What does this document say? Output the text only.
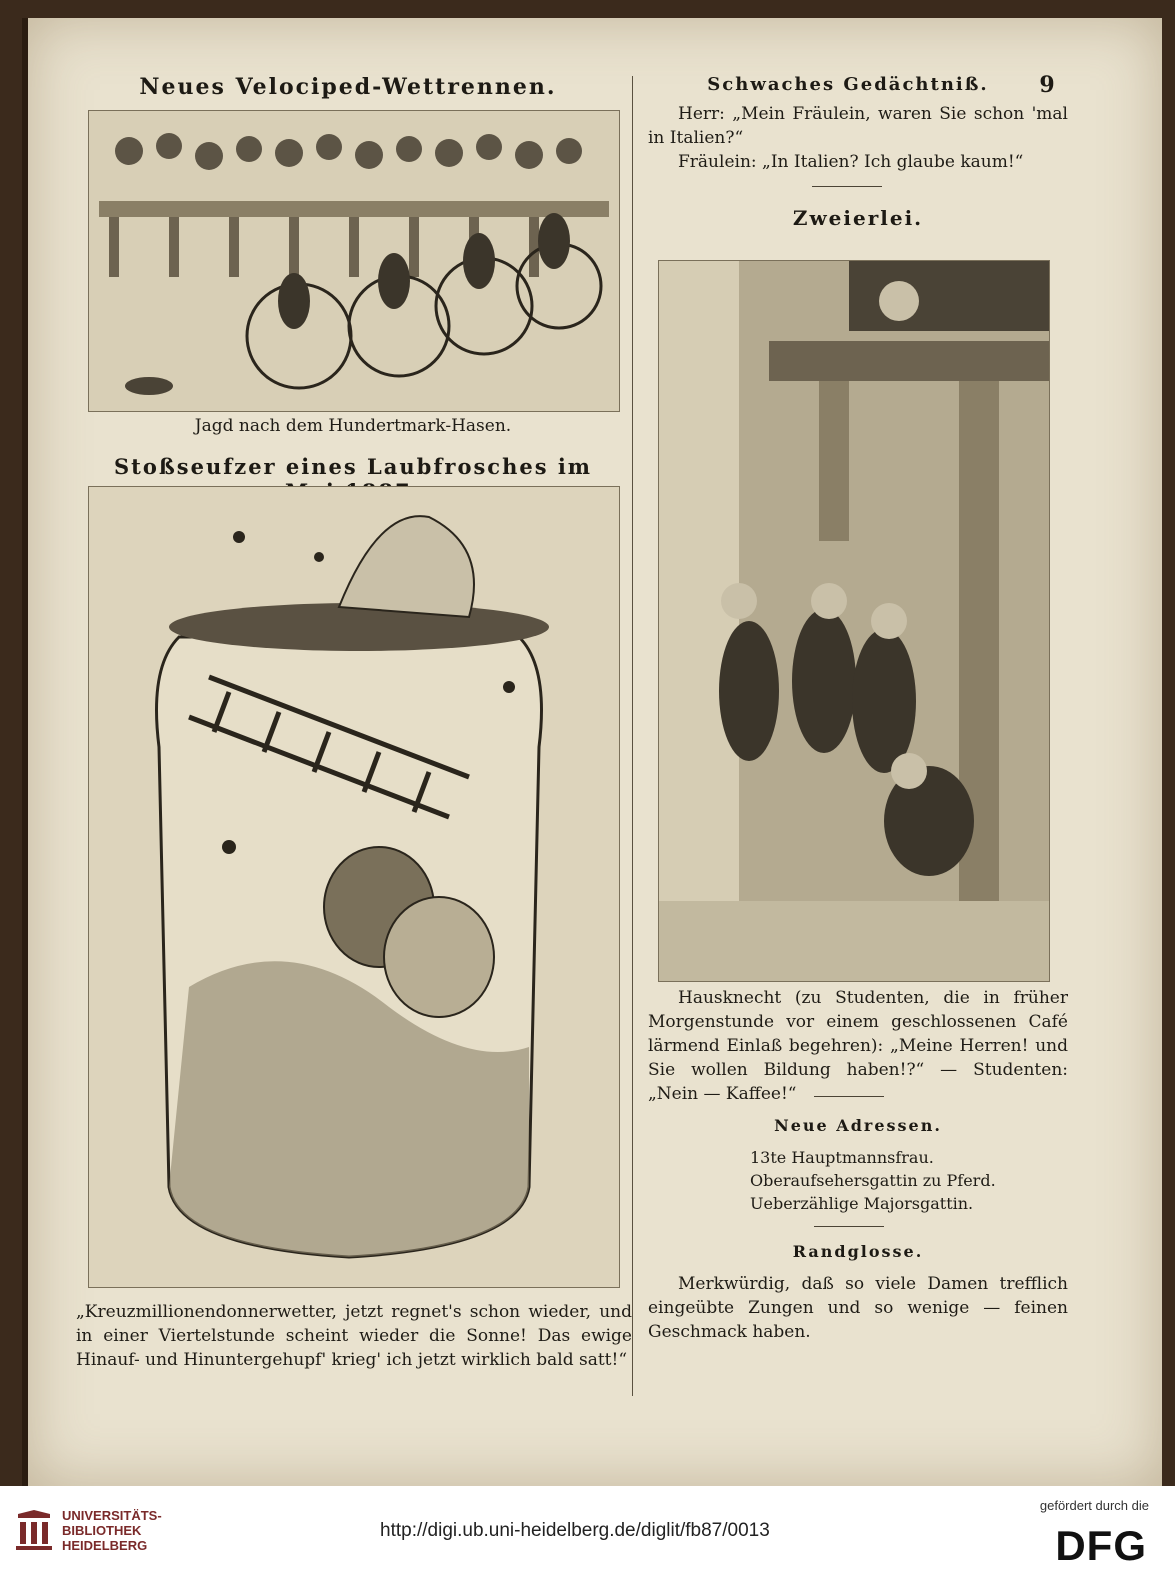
Neues Velociped-Wettrennen.
Jagd nach dem Hundertmark-Hasen.
Stoßseufzer eines Laubfrosches im
„Kreuzmillionendonnerwetter, jetzt regnet's schon wieder, und in einer Viertelstunde scheint wieder die Sonne! Das ewige Hinauf- und Hinuntergehupf' krieg' ich jetzt wirklich bald satt!“
Schwaches Gedächtniß.	9
Herr: „Mein Fräulein, waren Sie schon 'mal in Italien?“
Fräulein: „In Italien? Ich glaube kaum!“
Zweierlei.
Hausknecht (zu Studenten, die in früher Morgenstunde vor einem geschlossenen Café lärmend Einlaß begehren): „Meine Herren! und Sie wollen Bildung haben!?“ — Studenten: „Nein — Kaffee!“
Neue Adressen.
13te Hauptmannsfrau.
Oberaufsehersgattin zu Pferd.
Ueberzählige Majorsgattin.
Randglosse.
Merkwürdig, daß so viele Damen trefflich eingeübte Zungen und so wenige — feinen Geschmack haben.
UNIVERSITÄTS-
BIBLIOTHEK
HEIDELBERG
http://digi.ub.uni-heidelberg.de/diglit/fb87/0013
gefördert durch die
DFG
